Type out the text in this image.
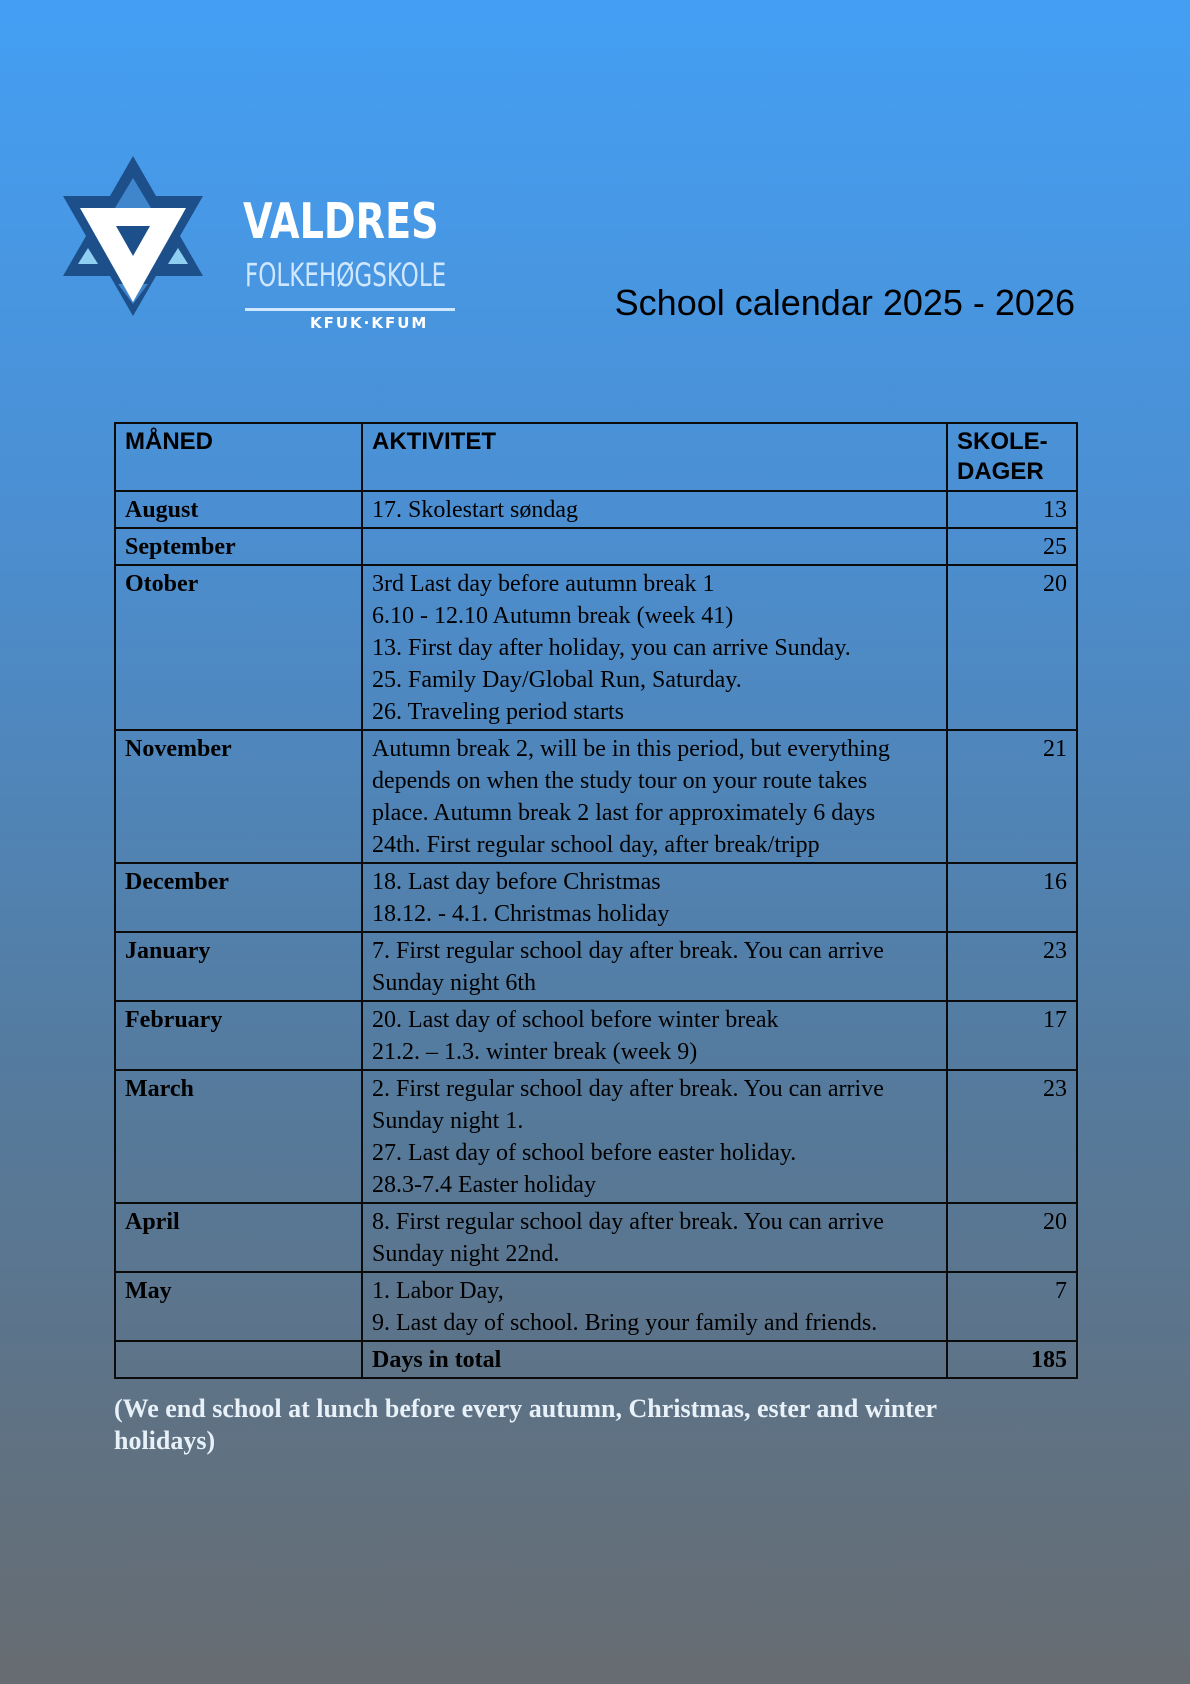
VALDRES
FOLKEHØGSKOLE
KFUK·KFUM	School calendar 2025 - 2026
MÅNED	AKTIVITET	SKOLE-
DAGER

August	17. Skolestart søndag	13
September		25
Otober	3rd Last day before autumn break 1
6.10 - 12.10 Autumn break (week 41)
13. First day after holiday, you can arrive Sunday.
25. Family Day/Global Run, Saturday.
26. Traveling period starts	20
November	Autumn break 2, will be in this period, but everything
depends on when the study tour on your route takes
place. Autumn break 2 last for approximately 6 days
24th. First regular school day, after break/tripp	21
December	18. Last day before Christmas
18.12. - 4.1. Christmas holiday	16
January	7. First regular school day after break. You can arrive
Sunday night 6th	23
February	20. Last day of school before winter break
21.2. – 1.3. winter break (week 9)	17
March	2. First regular school day after break. You can arrive
Sunday night 1.
27. Last day of school before easter holiday.
28.3-7.4 Easter holiday	23
April	8. First regular school day after break. You can arrive
Sunday night 22nd.	20
May	1. Labor Day,
9. Last day of school. Bring your family and friends.	7
	Days in total	185
(We end school at lunch before every autumn, Christmas, ester and winter holidays)
